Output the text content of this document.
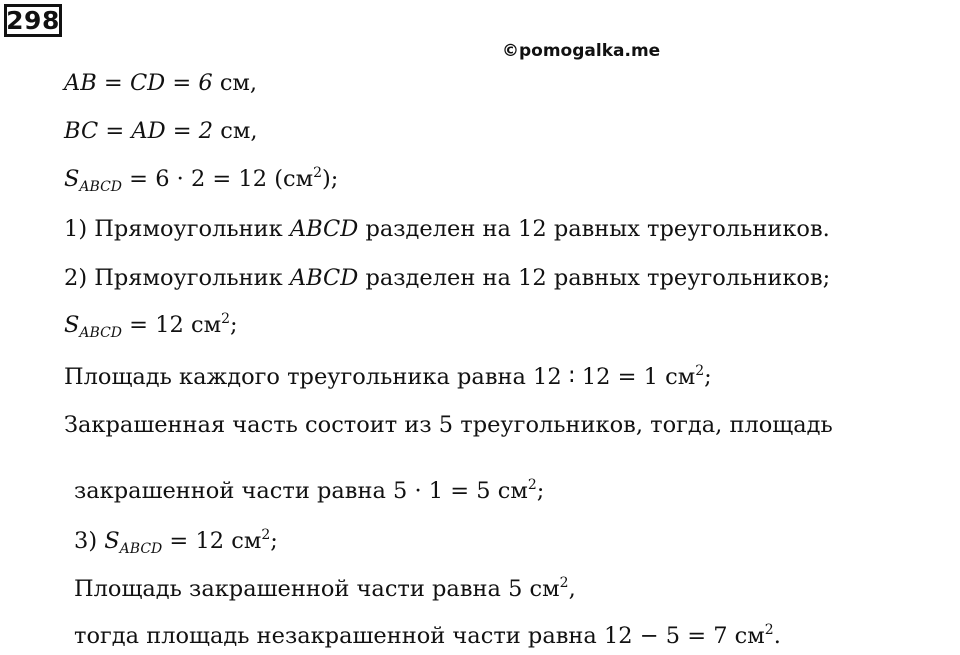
298
©pomogalka.me
AB = CD = 6 см,
BC = AD = 2 см,
$S_{ABCD} = 6 \cdot 2 = 12$ $(см^2)$;
1) Прямоугольник ABCD разделен на 12 равных треугольников.
2) Прямоугольник ABCD разделен на 12 равных треугольников;
$S_{ABCD} = 12$ $см^2$;
Площадь каждого треугольника равна 12 ∶ 12 = 1 $см^2$;
Закрашенная часть состоит из 5 треугольников, тогда, площадь
закрашенной части равна 5 · 1 = 5 $см^2$;
3) $S_{ABCD} = 12$ $см^2$;
Площадь закрашенной части равна 5 $см^2$,
тогда площадь незакрашенной части равна 12 − 5 = 7 $см^2$.
